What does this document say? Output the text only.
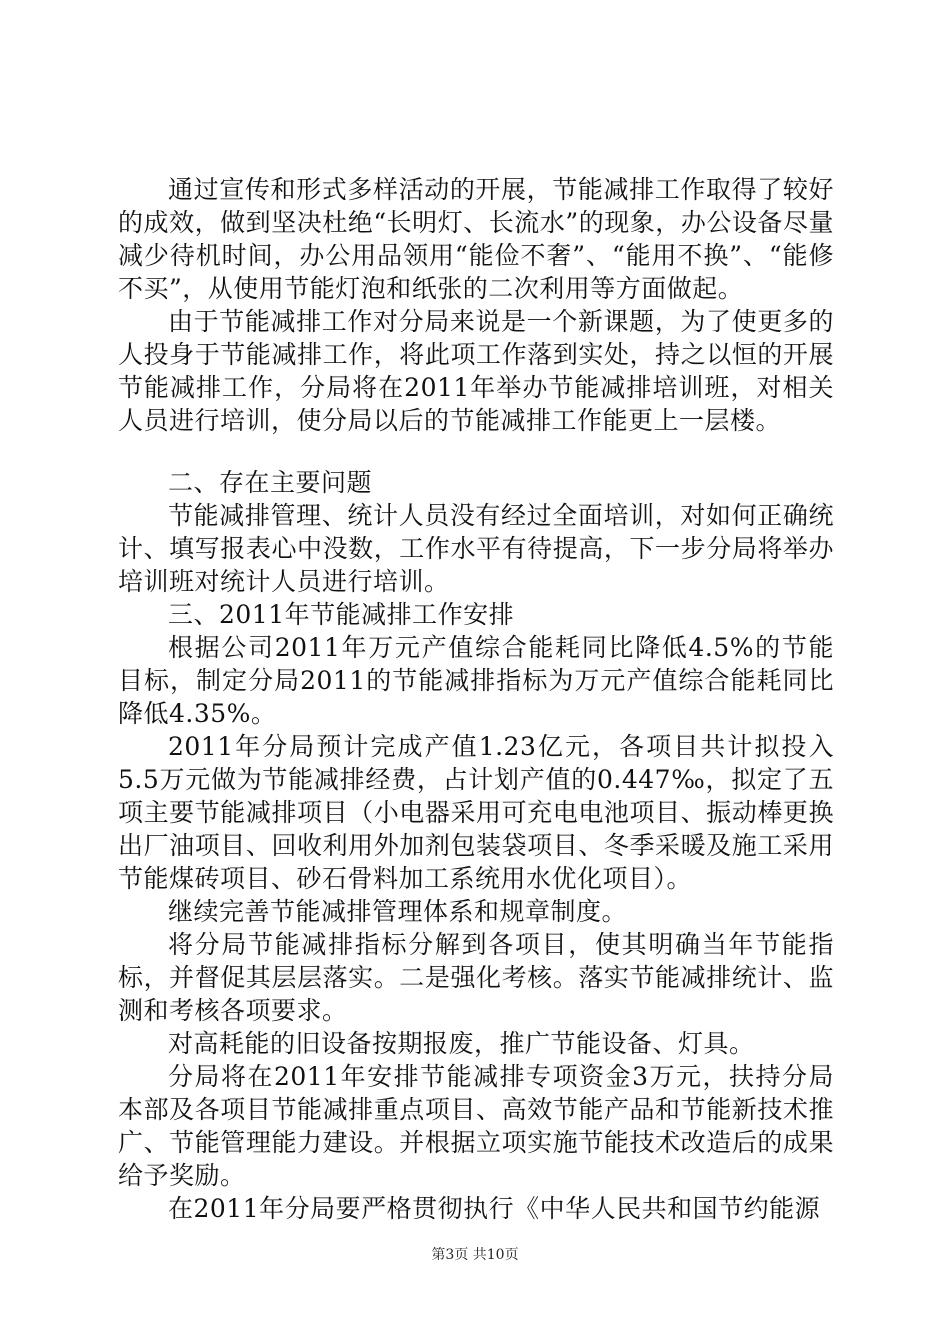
通过宣传和形式多样活动的开展，节能减排工作取得了较好的成效，做到坚决杜绝“长明灯、长流水”的现象，办公设备尽量减少待机时间，办公用品领用“能俭不奢”、“能用不换”、“能修不买”，从使用节能灯泡和纸张的二次利用等方面做起。

由于节能减排工作对分局来说是一个新课题，为了使更多的人投身于节能减排工作，将此项工作落到实处，持之以恒的开展节能减排工作，分局将在2011年举办节能减排培训班，对相关人员进行培训，使分局以后的节能减排工作能更上一层楼。

二、存在主要问题

节能减排管理、统计人员没有经过全面培训，对如何正确统计、填写报表心中没数，工作水平有待提高，下一步分局将举办培训班对统计人员进行培训。

三、2011年节能减排工作安排

根据公司2011年万元产值综合能耗同比降低4.5%的节能目标，制定分局2011的节能减排指标为万元产值综合能耗同比降低4.35%。

2011年分局预计完成产值1.23亿元，各项目共计拟投入5.5万元做为节能减排经费，占计划产值的0.447‰，拟定了五项主要节能减排项目（小电器采用可充电电池项目、振动棒更换出厂油项目、回收利用外加剂包装袋项目、冬季采暖及施工采用节能煤砖项目、砂石骨料加工系统用水优化项目）。

继续完善节能减排管理体系和规章制度。

将分局节能减排指标分解到各项目，使其明确当年节能指标，并督促其层层落实。二是强化考核。落实节能减排统计、监测和考核各项要求。

对高耗能的旧设备按期报废，推广节能设备、灯具。

分局将在2011年安排节能减排专项资金3万元，扶持分局本部及各项目节能减排重点项目、高效节能产品和节能新技术推广、节能管理能力建设。并根据立项实施节能技术改造后的成果给予奖励。

在2011年分局要严格贯彻执行《中华人民共和国节约能源

第3页 共10页
